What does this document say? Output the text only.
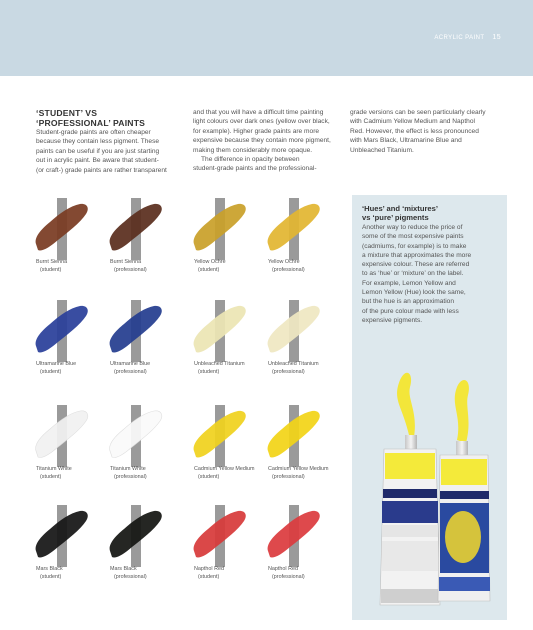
ACRYLIC PAINT 15
‘STUDENT’ VS
‘PROFESSIONAL’ PAINTS
Student-grade paints are often cheaper
because they contain less pigment. These
paints can be useful if you are just starting
out in acrylic paint. Be aware that student-
(or craft-) grade paints are rather transparent
and that you will have a difficult time painting
light colours over dark ones (yellow over black,
for example). Higher grade paints are more
expensive because they contain more pigment,
making them considerably more opaque.
The difference in opacity between
student-grade paints and the professional-
grade versions can be seen particularly clearly
with Cadmium Yellow Medium and Napthol
Red. However, the effect is less pronounced
with Mars Black, Ultramarine Blue and
Unbleached Titanium.
‘Hues’ and ‘mixtures’
vs ‘pure’ pigments
Another way to reduce the price of
some of the most expensive paints
(cadmiums, for example) is to make
a mixture that approximates the more
expensive colour. These are referred
to as ‘hue’ or ‘mixture’ on the label.
For example, Lemon Yellow and
Lemon Yellow (Hue) look the same,
but the hue is an approximation
of the pure colour made with less
expensive pigments.
Burnt Sienna
(student)
Burnt Sienna
(professional)
Yellow Ochre
(student)
Yellow Ochre
(professional)
Ultramarine Blue
(student)
Ultramarine Blue
(professional)
Unbleached Titanium
(student)
Unbleached Titanium
(professional)
Titanium White
(student)
Titanium White
(professional)
Cadmium Yellow Medium
(student)
Cadmium Yellow Medium
(professional)
Mars Black
(student)
Mars Black
(professional)
Napthol Red
(student)
Napthol Red
(professional)
